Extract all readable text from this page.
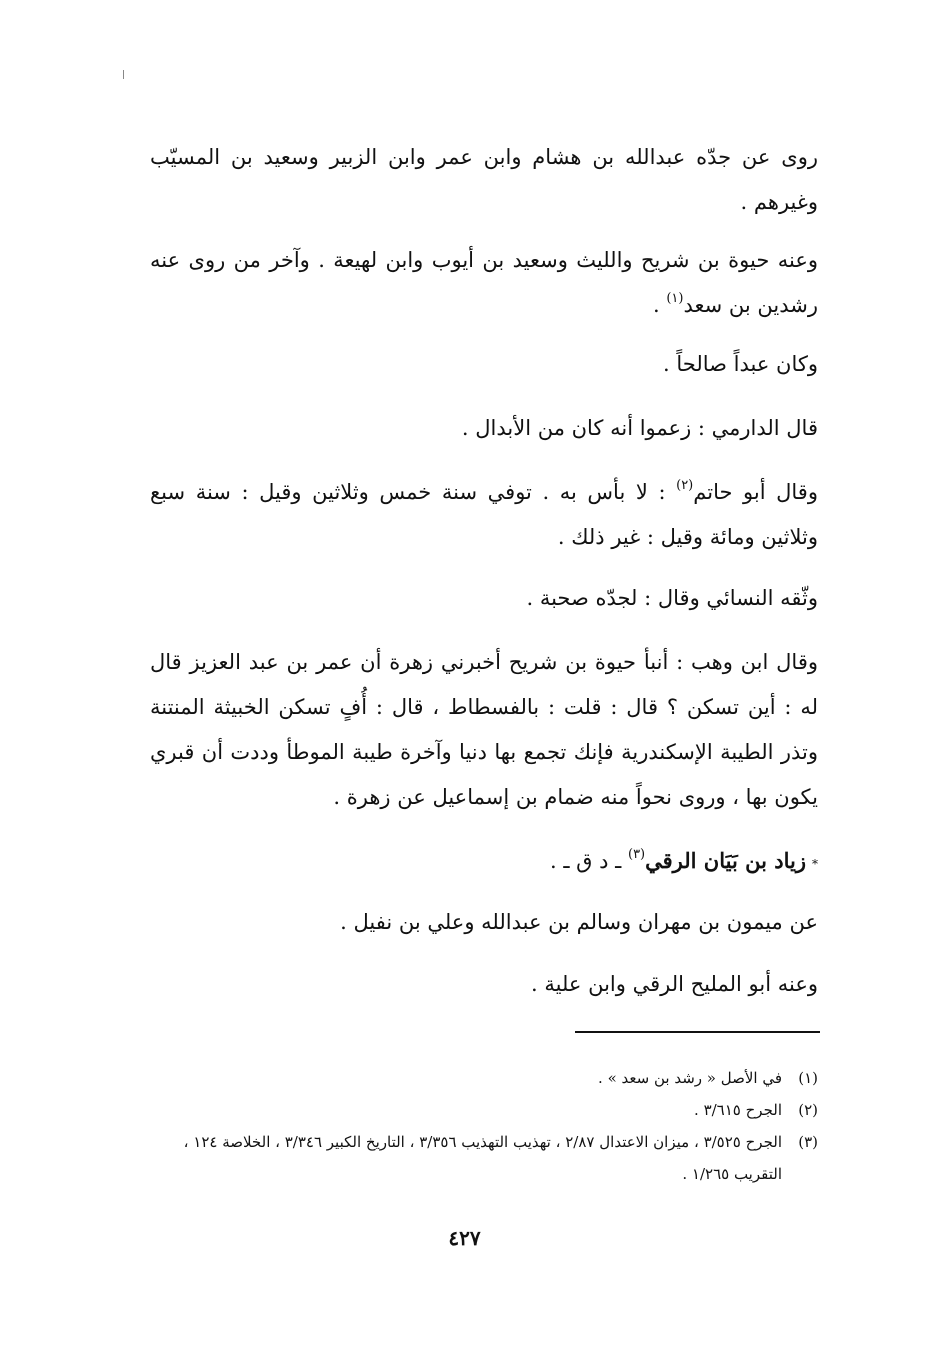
روى عن جدّه عبدالله بن هشام وابن عمر وابن الزبير وسعيد بن المسيّب وغيرهم .

وعنه حيوة بن شريح والليث وسعيد بن أيوب وابن لهيعة . وآخر من روى عنه رشدين بن سعد$^{(١)}$ .

وكان عبداً صالحاً .

قال الدارمي : زعموا أنه كان من الأبدال .

وقال أبو حاتم$^{(٢)}$ : لا بأس به . توفي سنة خمس وثلاثين وقيل : سنة سبع وثلاثين ومائة وقيل : غير ذلك .

وثّقه النسائي وقال : لجدّه صحبة .

وقال ابن وهب : أنبأ حيوة بن شريح أخبرني زهرة أن عمر بن عبد العزيز قال له : أين تسكن ؟ قال : قلت : بالفسطاط ، قال : أُفٍ تسكن الخبيثة المنتنة وتذر الطيبة الإسكندرية فإنك تجمع بها دنيا وآخرة طيبة الموطأ وددت أن قبري يكون بها ، وروى نحواً منه ضمام بن إسماعيل عن زهرة .

*زياد بن بَيَان الرقي$^{(٣)}$ ـ د ق ـ .

عن ميمون بن مهران وسالم بن عبدالله وعلي بن نفيل .

وعنه أبو المليح الرقي وابن علية .

(١)
في الأصل « رشد بن سعد » .
(٢)
الجرح ٣/٦١٥ .
(٣)
الجرح ٣/٥٢٥ ، ميزان الاعتدال ٢/٨٧ ، تهذيب التهذيب ٣/٣٥٦ ، التاريخ الكبير ٣/٣٤٦ ، الخلاصة ١٢٤ ، التقريب ١/٢٦٥ .
٤٢٧
